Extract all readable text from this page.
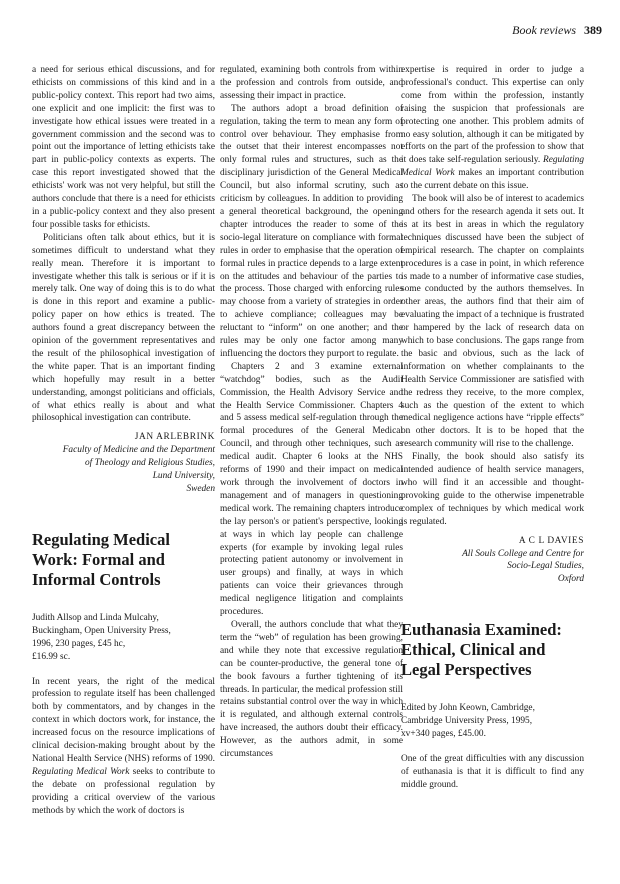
Book reviews 389

a need for serious ethical discussions, and for ethicists on commissions of this kind and in a public-policy context. This report had two aims, one explicit and one implicit: the first was to investigate how ethical issues were treated in a government commission and the second was to point out the importance of letting ethicists take part in public-policy contexts as experts. The case this report investigated showed that the ethicists' work was not very helpful, but still the authors conclude that there is a need for ethicists in a public-policy context and they also present four possible tasks for ethicists.

Politicians often talk about ethics, but it is sometimes difficult to understand what they really mean. Therefore it is important to investigate whether this talk is serious or if it is merely talk. One way of doing this is to do what is done in this report and examine a public-policy paper on how ethics is treated. The authors found a great discrepancy between the opinion of the government representatives and the result of the philosophical investigation of the white paper. That is an important finding which hopefully may result in a better understanding, amongst politicians and officials, of what ethics really is about and what philosophical investigation can contribute.

JAN ARLEBRINK
Faculty of Medicine and the Department
of Theology and Religious Studies,
Lund University,
Sweden
Regulating Medical Work: Formal and Informal Controls
Judith Allsop and Linda Mulcahy,
Buckingham, Open University Press,
1996, 230 pages, £45 hc,
£16.99 sc.

In recent years, the right of the medical profession to regulate itself has been challenged both by commentators, and by changes in the context in which doctors work, for instance, the increased focus on the resource implications of clinical decision-making brought about by the National Health Service (NHS) reforms of 1990. Regulating Medical Work seeks to contribute to the debate on professional regulation by providing a critical overview of the various methods by which the work of doctors is

regulated, examining both controls from within the profession and controls from outside, and assessing their impact in practice.

The authors adopt a broad definition of regulation, taking the term to mean any form of control over behaviour. They emphasise from the outset that their interest encompasses not only formal rules and structures, such as the disciplinary jurisdiction of the General Medical Council, but also informal scrutiny, such as criticism by colleagues. In addition to providing a general theoretical background, the opening chapter introduces the reader to some of the socio-legal literature on compliance with formal rules in order to emphasise that the operation of formal rules in practice depends to a large extent on the attitudes and behaviour of the parties to the process. Those charged with enforcing rules may choose from a variety of strategies in order to achieve compliance; colleagues may be reluctant to “inform” on one another; and the rules may be only one factor among many influencing the doctors they purport to regulate.

Chapters 2 and 3 examine external “watchdog” bodies, such as the Audit Commission, the Health Advisory Service and the Health Service Commissioner. Chapters 4 and 5 assess medical self-regulation through the formal procedures of the General Medical Council, and through other techniques, such as medical audit. Chapter 6 looks at the NHS reforms of 1990 and their impact on medical work through the involvement of doctors in management and of managers in questioning medical work. The remaining chapters introduce the lay person's or patient's perspective, looking at ways in which lay people can challenge experts (for example by invoking legal rules protecting patient autonomy or involvement in user groups) and finally, at ways in which patients can voice their grievances through medical negligence litigation and complaints procedures.

Overall, the authors conclude that what they term the “web” of regulation has been growing, and while they note that excessive regulation can be counter-productive, the general tone of the book favours a further tightening of its threads. In particular, the medical profession still retains substantial control over the way in which it is regulated, and although external controls have increased, the authors doubt their efficacy. However, as the authors admit, in some circumstances

expertise is required in order to judge a professional's conduct. This expertise can only come from within the profession, instantly raising the suspicion that professionals are protecting one another. This problem admits of no easy solution, although it can be mitigated by efforts on the part of the profession to show that it does take self-regulation seriously. Regulating Medical Work makes an important contribution to the current debate on this issue.

The book will also be of interest to academics and others for the research agenda it sets out. It is at its best in areas in which the regulatory techniques discussed have been the subject of empirical research. The chapter on complaints procedures is a case in point, in which reference is made to a number of informative case studies, some conducted by the authors themselves. In other areas, the authors find that their aim of evaluating the impact of a technique is frustrated or hampered by the lack of research data on which to base conclusions. The gaps range from the basic and obvious, such as the lack of information on whether complainants to the Health Service Commissioner are satisfied with the redress they receive, to the more complex, such as the question of the extent to which medical negligence actions have “ripple effects” on other doctors. It is to be hoped that the research community will rise to the challenge.

Finally, the book should also satisfy its intended audience of health service managers, who will find it an accessible and thought-provoking guide to the otherwise impenetrable complex of techniques by which medical work is regulated.

A C L DAVIES
All Souls College and Centre for
Socio-Legal Studies,
Oxford
Euthanasia Examined: Ethical, Clinical and Legal Perspectives
Edited by John Keown, Cambridge,
Cambridge University Press, 1995,
xv+340 pages, £45.00.

One of the great difficulties with any discussion of euthanasia is that it is difficult to find any middle ground.
